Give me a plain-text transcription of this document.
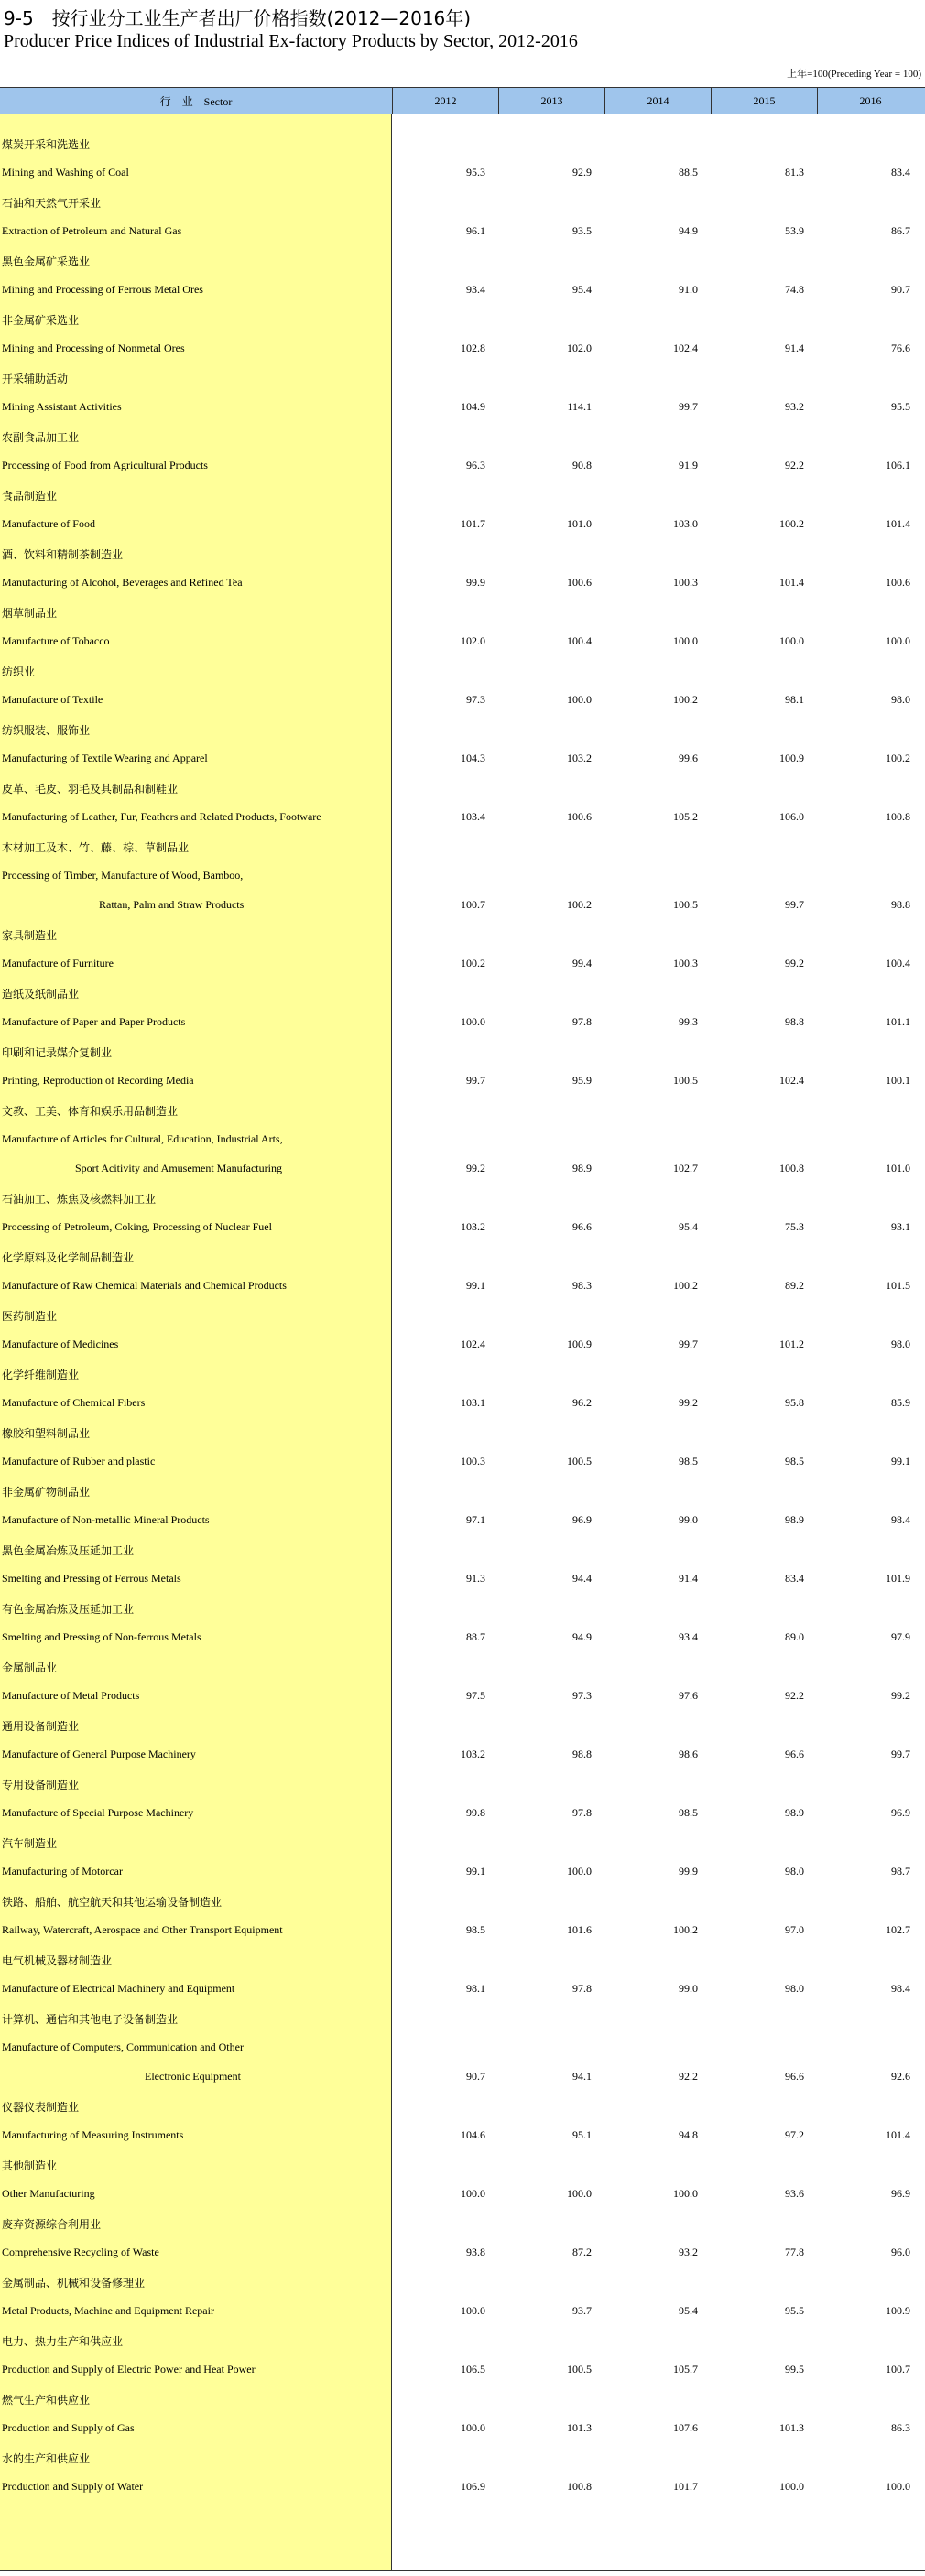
9-5　按行业分工业生产者出厂价格指数(2012—2016年)
Producer Price Indices of Industrial Ex-factory Products by Sector, 2012-2016
上年=100(Preceding Year = 100)
行　业　Sector	2012	2013	2014	2015	2016
煤炭开采和洗选业
Mining and Washing of Coal	95.3	92.9	88.5	81.3	83.4
石油和天然气开采业
Extraction of Petroleum and Natural Gas	96.1	93.5	94.9	53.9	86.7
黑色金属矿采选业
Mining and Processing of Ferrous Metal Ores	93.4	95.4	91.0	74.8	90.7
非金属矿采选业
Mining and Processing of Nonmetal Ores	102.8	102.0	102.4	91.4	76.6
开采辅助活动
Mining Assistant Activities	104.9	114.1	99.7	93.2	95.5
农副食品加工业
Processing of Food from Agricultural Products	96.3	90.8	91.9	92.2	106.1
食品制造业
Manufacture of Food	101.7	101.0	103.0	100.2	101.4
酒、饮料和精制茶制造业
Manufacturing of Alcohol, Beverages and Refined Tea	99.9	100.6	100.3	101.4	100.6
烟草制品业
Manufacture of Tobacco	102.0	100.4	100.0	100.0	100.0
纺织业
Manufacture of Textile	97.3	100.0	100.2	98.1	98.0
纺织服装、服饰业
Manufacturing of Textile Wearing and Apparel	104.3	103.2	99.6	100.9	100.2
皮革、毛皮、羽毛及其制品和制鞋业
Manufacturing of Leather, Fur, Feathers and Related Products, Footware	103.4	100.6	105.2	106.0	100.8
木材加工及木、竹、藤、棕、草制品业
Processing of Timber, Manufacture of Wood, Bamboo,
Rattan, Palm and Straw Products	100.7	100.2	100.5	99.7	98.8
家具制造业
Manufacture of Furniture	100.2	99.4	100.3	99.2	100.4
造纸及纸制品业
Manufacture of Paper and Paper Products	100.0	97.8	99.3	98.8	101.1
印刷和记录媒介复制业
Printing, Reproduction of Recording Media	99.7	95.9	100.5	102.4	100.1
文教、工美、体育和娱乐用品制造业
Manufacture of Articles for Cultural, Education, Industrial Arts,
Sport Acitivity and Amusement Manufacturing	99.2	98.9	102.7	100.8	101.0
石油加工、炼焦及核燃料加工业
Processing of Petroleum, Coking, Processing of Nuclear Fuel	103.2	96.6	95.4	75.3	93.1
化学原料及化学制品制造业
Manufacture of Raw Chemical Materials and Chemical Products	99.1	98.3	100.2	89.2	101.5
医药制造业
Manufacture of Medicines	102.4	100.9	99.7	101.2	98.0
化学纤维制造业
Manufacture of Chemical Fibers	103.1	96.2	99.2	95.8	85.9
橡胶和塑料制品业
Manufacture of Rubber and plastic	100.3	100.5	98.5	98.5	99.1
非金属矿物制品业
Manufacture of Non-metallic Mineral Products	97.1	96.9	99.0	98.9	98.4
黑色金属冶炼及压延加工业
Smelting and Pressing of Ferrous Metals	91.3	94.4	91.4	83.4	101.9
有色金属冶炼及压延加工业
Smelting and Pressing of Non-ferrous Metals	88.7	94.9	93.4	89.0	97.9
金属制品业
Manufacture of Metal Products	97.5	97.3	97.6	92.2	99.2
通用设备制造业
Manufacture of General Purpose Machinery	103.2	98.8	98.6	96.6	99.7
专用设备制造业
Manufacture of Special Purpose Machinery	99.8	97.8	98.5	98.9	96.9
汽车制造业
Manufacturing of Motorcar	99.1	100.0	99.9	98.0	98.7
铁路、船舶、航空航天和其他运输设备制造业
Railway, Watercraft, Aerospace and Other Transport Equipment	98.5	101.6	100.2	97.0	102.7
电气机械及器材制造业
Manufacture of Electrical Machinery and Equipment	98.1	97.8	99.0	98.0	98.4
计算机、通信和其他电子设备制造业
Manufacture of Computers, Communication and Other
Electronic Equipment	90.7	94.1	92.2	96.6	92.6
仪器仪表制造业
Manufacturing of Measuring Instruments	104.6	95.1	94.8	97.2	101.4
其他制造业
Other Manufacturing	100.0	100.0	100.0	93.6	96.9
废弃资源综合利用业
Comprehensive Recycling of Waste	93.8	87.2	93.2	77.8	96.0
金属制品、机械和设备修理业
Metal Products, Machine and Equipment Repair	100.0	93.7	95.4	95.5	100.9
电力、热力生产和供应业
Production and Supply of Electric Power and Heat Power	106.5	100.5	105.7	99.5	100.7
燃气生产和供应业
Production and Supply of Gas	100.0	101.3	107.6	101.3	86.3
水的生产和供应业
Production and Supply of Water	106.9	100.8	101.7	100.0	100.0
